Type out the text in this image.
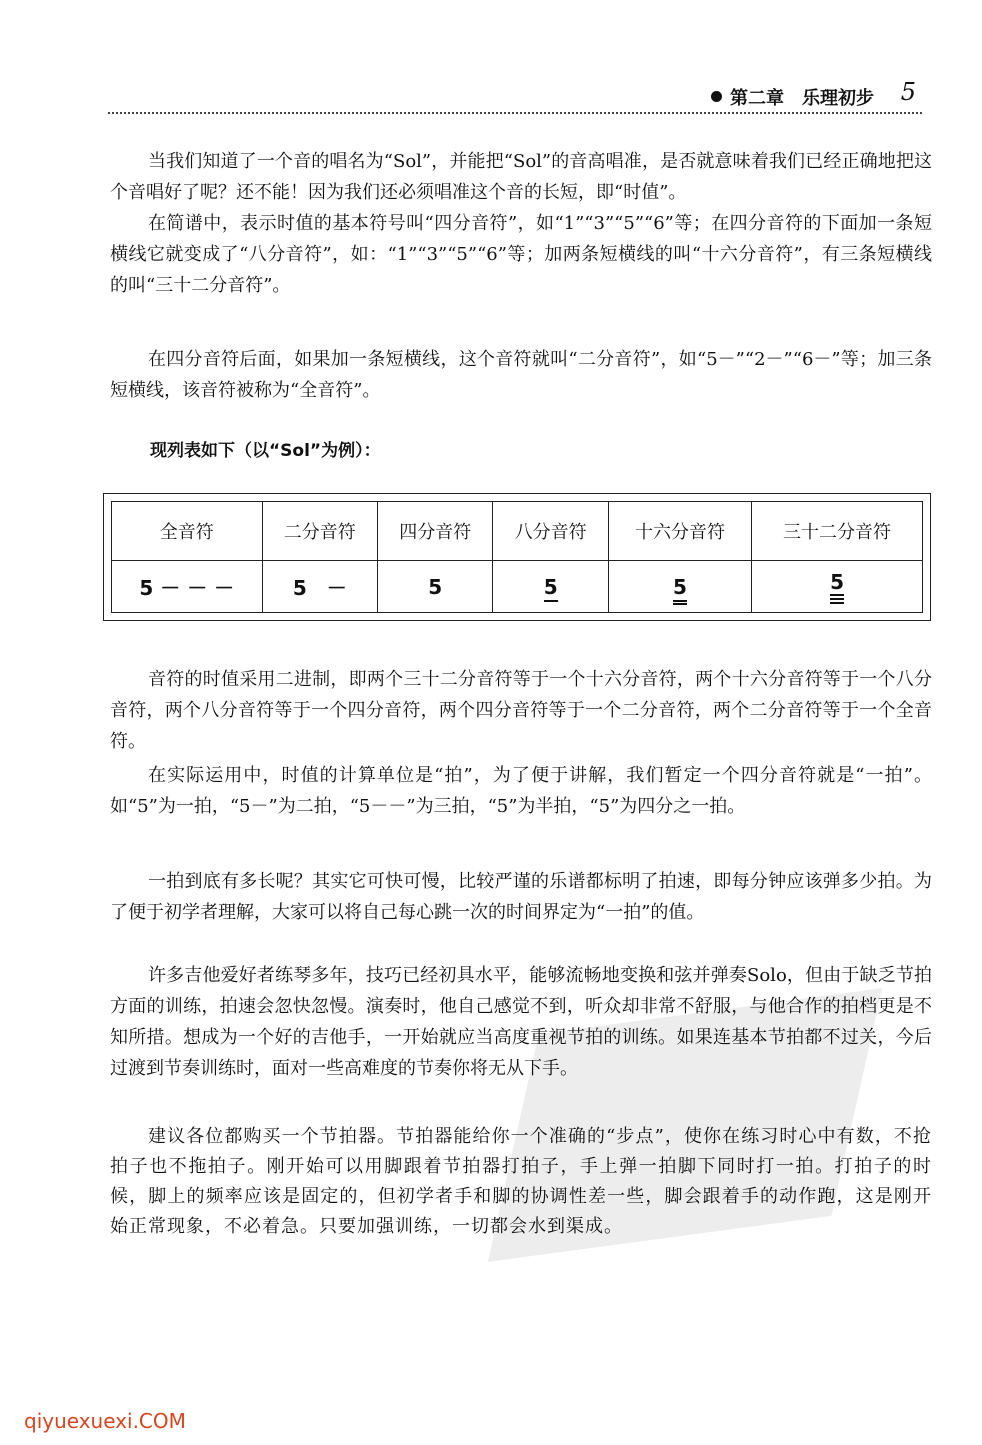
第二章　乐理初步 5

当我们知道了一个音的唱名为“Sol”，并能把“Sol”的音高唱准，是否就意味着我们已经正确地把这个音唱好了呢？还不能！因为我们还必须唱准这个音的长短，即“时值”。

在简谱中，表示时值的基本符号叫“四分音符”，如“1”“3”“5”“6”等；在四分音符的下面加一条短横线它就变成了“八分音符”，如：“1”“3”“5”“6”等；加两条短横线的叫“十六分音符”，有三条短横线的叫“三十二分音符”。

在四分音符后面，如果加一条短横线，这个音符就叫“二分音符”，如“5－”“2－”“6－”等；加三条短横线，该音符被称为“全音符”。

现列表如下（以“Sol”为例）：
全音符	二分音符	四分音符	八分音符	十六分音符	三十二分音符
5 － － －	5　－	5	5	5	5

音符的时值采用二进制，即两个三十二分音符等于一个十六分音符，两个十六分音符等于一个八分音符，两个八分音符等于一个四分音符，两个四分音符等于一个二分音符，两个二分音符等于一个全音符。

在实际运用中，时值的计算单位是“拍”，为了便于讲解，我们暂定一个四分音符就是“一拍”。如“5”为一拍，“5－”为二拍，“5－－”为三拍，“5”为半拍，“5”为四分之一拍。

一拍到底有多长呢？其实它可快可慢，比较严谨的乐谱都标明了拍速，即每分钟应该弹多少拍。为了便于初学者理解，大家可以将自己每心跳一次的时间界定为“一拍”的值。

许多吉他爱好者练琴多年，技巧已经初具水平，能够流畅地变换和弦并弹奏Solo，但由于缺乏节拍方面的训练，拍速会忽快忽慢。演奏时，他自己感觉不到，听众却非常不舒服，与他合作的拍档更是不知所措。想成为一个好的吉他手，一开始就应当高度重视节拍的训练。如果连基本节拍都不过关，今后过渡到节奏训练时，面对一些高难度的节奏你将无从下手。

建议各位都购买一个节拍器。节拍器能给你一个准确的“步点”，使你在练习时心中有数，不抢拍子也不拖拍子。刚开始可以用脚跟着节拍器打拍子，手上弹一拍脚下同时打一拍。打拍子的时候，脚上的频率应该是固定的，但初学者手和脚的协调性差一些，脚会跟着手的动作跑，这是刚开始正常现象，不必着急。只要加强训练，一切都会水到渠成。

qiyuexuexi.COM
